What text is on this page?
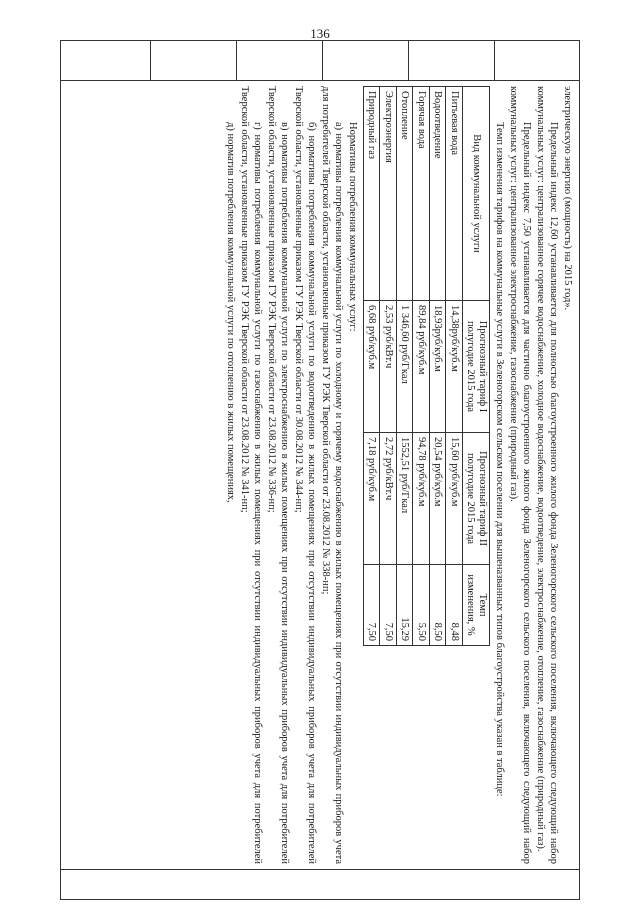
136

электрическую энергию (мощность) на 2015 год».

Предельный индекс 12,60 устанавливается для полностью благоустроенного жилого фонда Зеленогорского сельского поселения, включающего следующий набор коммунальных услуг: централизованное горячее водоснабжение, холодное водоснабжение, водоотведение, электроснабжение, отопление, газоснабжение (природный газ).

Предельный индекс 7,50 устанавливается для частично благоустроенного жилого фонда Зеленогорского сельского поселения, включающего следующий набор коммунальных услуг: централизованное электроснабжение, газоснабжение (природный газ).

Темп изменения тарифов на коммунальные услуги в Зеленогорском сельском поселении для вышеназванных типов благоустройства указан в таблице:

Вид коммунальной услуги	Прогнозный тариф I полугодие 2015 года	Прогнозный тариф II полугодие 2015 года	Темп изменения, %
Питьевая вода	14,38руб/куб.м	15,60 руб/куб.м	8,48
Водоотведение	18,93руб/куб.м	20,54 руб/куб.м	8,50
Горячая вода	89,84 руб/куб.м	94,78 руб/куб.м	5,50
Отопление	1 346,60 руб/Гкал	1552,51 руб/Гкал	15,29
Электроэнергия	2,53 руб/кВт.ч	2,72 руб/кВт.ч	7,50
Природный газ	6,68 руб/куб.м	7,18 руб/куб.м	7,50

Нормативы потребления коммунальных услуг:

а) нормативы потребления коммунальной услуги по холодному и горячему водоснабжению в жилых помещениях при отсутствии индивидуальных приборов учета для потребителей Тверской области, установленные приказом ГУ РЭК Тверской области от 23.08.2012 № 338-нп;

б) нормативы потребления коммунальной услуги по водоотведению в жилых помещениях при отсутствии индивидуальных приборов учета для потребителей Тверской области, установленные приказом ГУ РЭК Тверской области от 30.08.2012 № 344-нп;

в) нормативы потребления коммунальной услуги по электроснабжению в жилых помещениях при отсутствии индивидуальных приборов учета для потребителей Тверской области, установленные приказом ГУ РЭК Тверской области от 23.08.2012 № 336-нп;

г) нормативы потребления коммунальной услуги по газоснабжению в жилых помещениях при отсутствии индивидуальных приборов учета для потребителей Тверской области, установленные приказом ГУ РЭК Тверской области от 23.08.2012 № 341-нп;

д) норматив потребления коммунальной услуги по отоплению в жилых помещениях,
